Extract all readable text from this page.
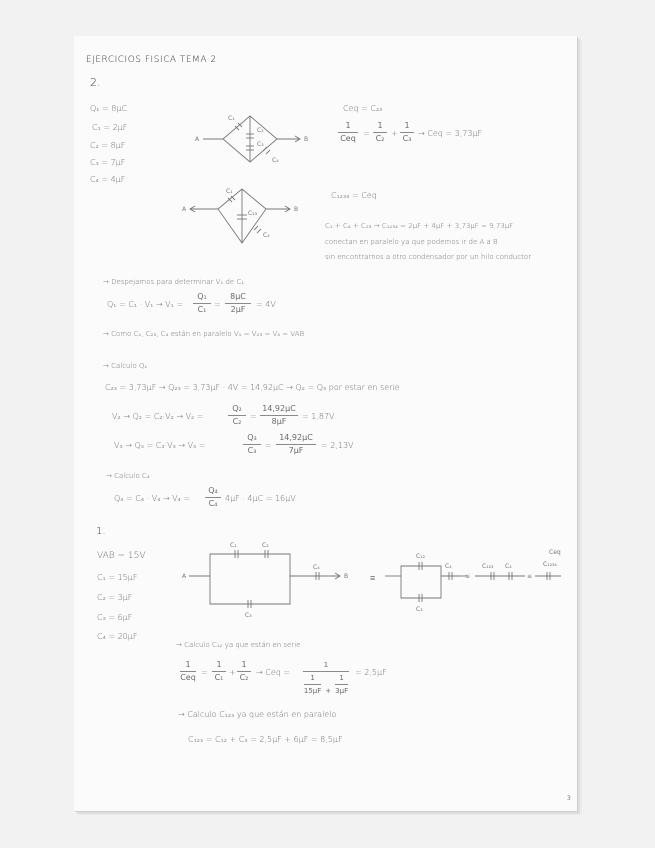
EJERCICIOS FISICA TEMA 2
2.
Q₁ = 8μC
C₁ = 2μF
C₂ = 8μF
C₃ = 7μF
C₄ = 4μF
A	B
C₁
C₂
C₃
C₄
Ceq = C₂₃
1
Ceq
=
1
C₂
+
1
C₃
→ Ceq = 3,73μF
A	B
C₁
C₂₃
C₄
C₁₂₃₄ = Ceq
C₁ + C₄ + C₂₃ → C₁₂₃₄ = 2μF + 4μF + 3,73μF = 9,73μF
conectan en paralelo ya que podemos ir de A a B
sin encontrarnos a otro condensador por un hilo conductor
→ Despejamos para determinar V₁ de C₁
Q₁ = C₁ · V₁ → V₁ =
Q₁
C₁
=
8μC
2μF
= 4V
→ Como C₁, C₂₃, C₄ están en paralelo V₁ = V₂₃ = V₄ = VAB
→ Calculo Q₂
C₂₃ = 3,73μF → Q₂₃ = 3,73μF · 4V = 14,92μC → Q₂ = Q₃ por estar en serie
V₂ → Q₂ = C₂·V₂ → V₂ =
Q₂
C₂
=
14,92μC
8μF
= 1,87V
V₃ → Q₃ = C₃·V₃ → V₃ =
Q₃
C₃
=
14,92μC
7μF
= 2,13V
→ Calculo C₄
Q₄ = C₄ · V₄ → V₄ =
Q₄
C₄
4μF · 4μC = 16μV
1.
VAB = 15V
C₁ = 15μF
C₂ = 3μF
C₃ = 6μF
C₄ = 20μF
A	B
C₁	C₂
C₃
C₄
≡
C₁₂
C₃
C₄
≡
C₁₂₃ C₄
≡
Ceq
C₁₂₃₄
→ Calculo C₁₂ ya que están en serie
1
Ceq
=
1
C₁
+
1
C₂
→ Ceq =
1
$\frac{1}{15\mu F} + \frac{1}{3\mu F}$
= 2,5μF
→ Calculo C₁₂₃ ya que están en paralelo
C₁₂₃ = C₁₂ + C₃ = 2,5μF + 6μF = 8,5μF
3
